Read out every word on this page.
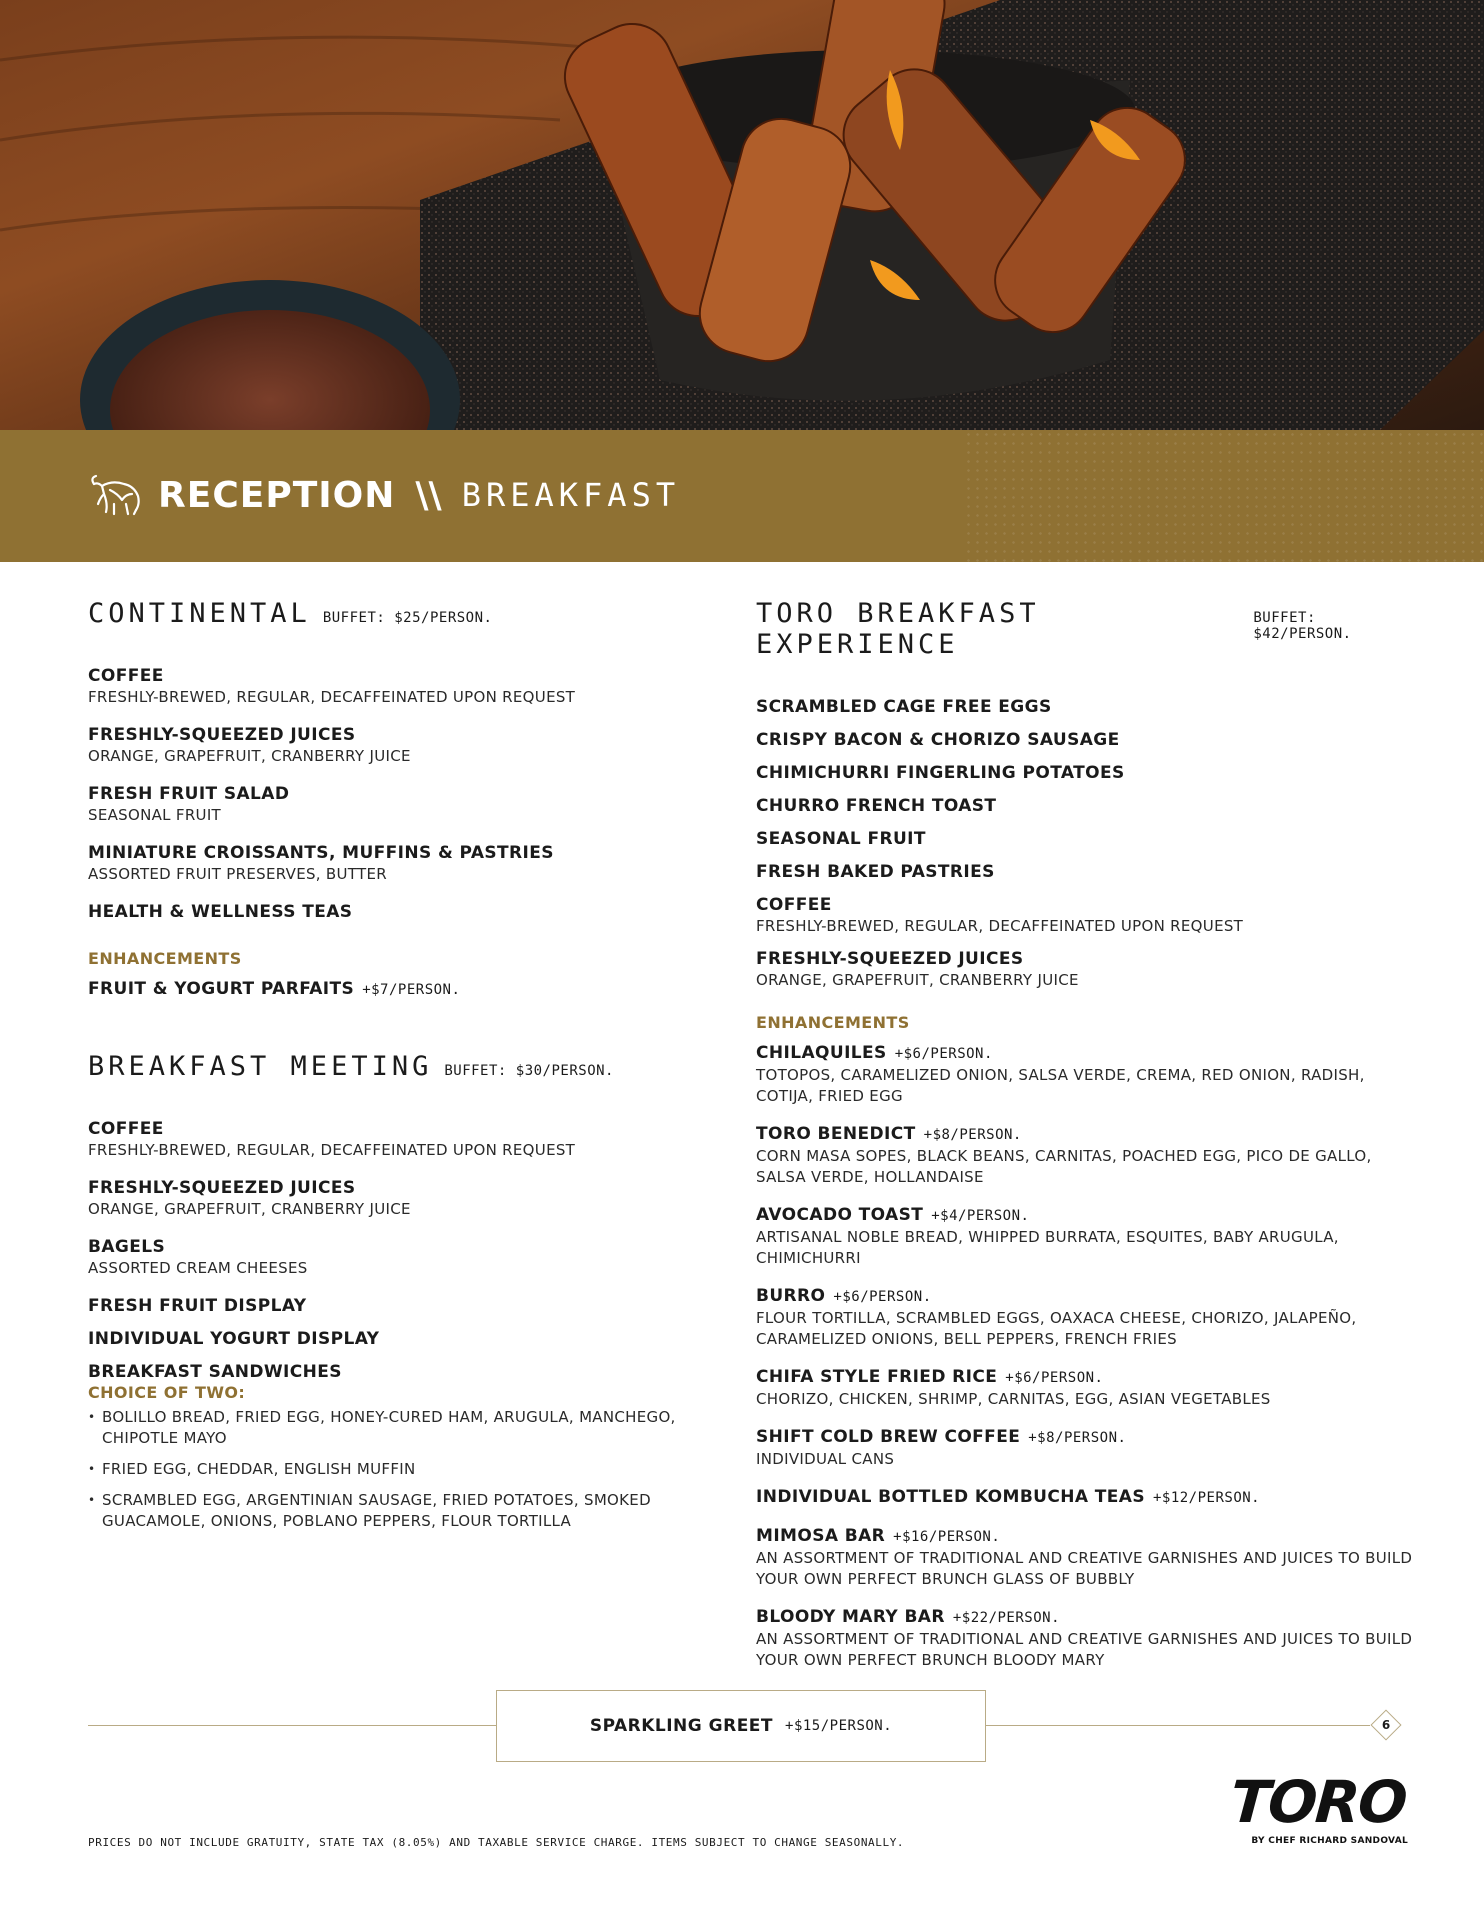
RECEPTION \\ BREAKFAST
CONTINENTAL BUFFET: $25/PERSON.
COFFEE
FRESHLY-BREWED, REGULAR, DECAFFEINATED UPON REQUEST
FRESHLY-SQUEEZED JUICES
ORANGE, GRAPEFRUIT, CRANBERRY JUICE
FRESH FRUIT SALAD
SEASONAL FRUIT
MINIATURE CROISSANTS, MUFFINS & PASTRIES
ASSORTED FRUIT PRESERVES, BUTTER
HEALTH & WELLNESS TEAS
ENHANCEMENTS
FRUIT & YOGURT PARFAITS +$7/PERSON.
BREAKFAST MEETING BUFFET: $30/PERSON.
COFFEE
FRESHLY-BREWED, REGULAR, DECAFFEINATED UPON REQUEST
FRESHLY-SQUEEZED JUICES
ORANGE, GRAPEFRUIT, CRANBERRY JUICE
BAGELS
ASSORTED CREAM CHEESES
FRESH FRUIT DISPLAY
INDIVIDUAL YOGURT DISPLAY
BREAKFAST SANDWICHES
CHOICE OF TWO:
• BOLILLO BREAD, FRIED EGG, HONEY-CURED HAM, ARUGULA, MANCHEGO, CHIPOTLE MAYO
• FRIED EGG, CHEDDAR, ENGLISH MUFFIN
• SCRAMBLED EGG, ARGENTINIAN SAUSAGE, FRIED POTATOES, SMOKED GUACAMOLE, ONIONS, POBLANO PEPPERS, FLOUR TORTILLA
TORO BREAKFAST EXPERIENCE
BUFFET: $42/PERSON.
SCRAMBLED CAGE FREE EGGS
CRISPY BACON & CHORIZO SAUSAGE
CHIMICHURRI FINGERLING POTATOES
CHURRO FRENCH TOAST
SEASONAL FRUIT
FRESH BAKED PASTRIES
COFFEE
FRESHLY-BREWED, REGULAR, DECAFFEINATED UPON REQUEST
FRESHLY-SQUEEZED JUICES
ORANGE, GRAPEFRUIT, CRANBERRY JUICE
ENHANCEMENTS
CHILAQUILES +$6/PERSON.
TOTOPOS, CARAMELIZED ONION, SALSA VERDE, CREMA, RED ONION, RADISH, COTIJA, FRIED EGG
TORO BENEDICT +$8/PERSON.
CORN MASA SOPES, BLACK BEANS, CARNITAS, POACHED EGG, PICO DE GALLO, SALSA VERDE, HOLLANDAISE
AVOCADO TOAST +$4/PERSON.
ARTISANAL NOBLE BREAD, WHIPPED BURRATA, ESQUITES, BABY ARUGULA, CHIMICHURRI
BURRO +$6/PERSON.
FLOUR TORTILLA, SCRAMBLED EGGS, OAXACA CHEESE, CHORIZO, JALAPEÑO, CARAMELIZED ONIONS, BELL PEPPERS, FRENCH FRIES
CHIFA STYLE FRIED RICE +$6/PERSON.
CHORIZO, CHICKEN, SHRIMP, CARNITAS, EGG, ASIAN VEGETABLES
SHIFT COLD BREW COFFEE +$8/PERSON.
INDIVIDUAL CANS
INDIVIDUAL BOTTLED KOMBUCHA TEAS +$12/PERSON.
MIMOSA BAR +$16/PERSON.
AN ASSORTMENT OF TRADITIONAL AND CREATIVE GARNISHES AND JUICES TO BUILD YOUR OWN PERFECT BRUNCH GLASS OF BUBBLY
BLOODY MARY BAR +$22/PERSON.
AN ASSORTMENT OF TRADITIONAL AND CREATIVE GARNISHES AND JUICES TO BUILD YOUR OWN PERFECT BRUNCH BLOODY MARY
SPARKLING GREET +$15/PERSON.	6
PRICES DO NOT INCLUDE GRATUITY, STATE TAX (8.05%) AND TAXABLE SERVICE CHARGE. ITEMS SUBJECT TO CHANGE SEASONALLY.
TORO
BY CHEF RICHARD SANDOVAL
